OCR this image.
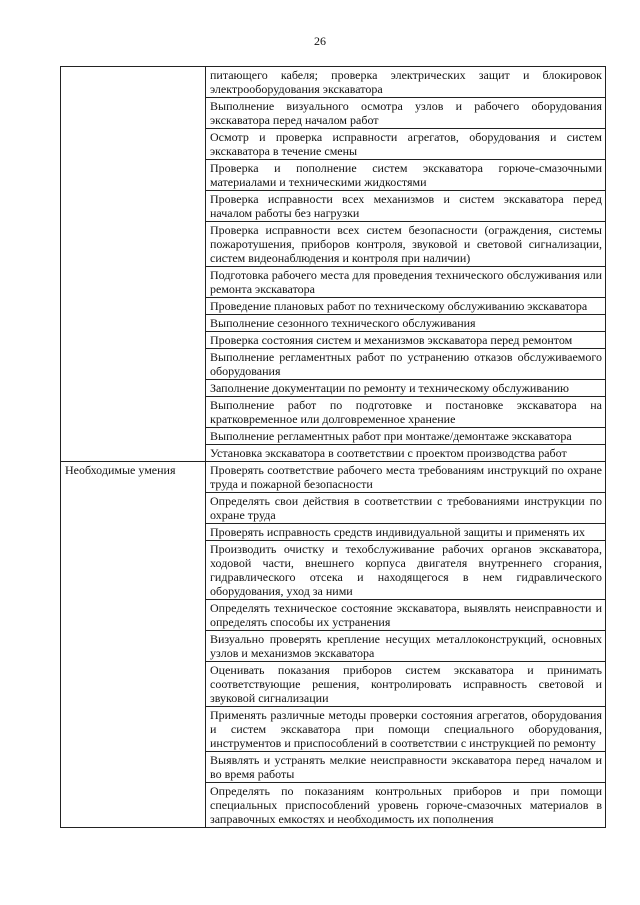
26
	питающего кабеля; проверка электрических защит и блокировок электрооборудования экскаватора
	Выполнение визуального осмотра узлов и рабочего оборудования экскаватора перед началом работ
	Осмотр и проверка исправности агрегатов, оборудования и систем экскаватора в течение смены
	Проверка и пополнение систем экскаватора горюче-смазочными материалами и техническими жидкостями
	Проверка исправности всех механизмов и систем экскаватора перед началом работы без нагрузки
	Проверка исправности всех систем безопасности (ограждения, системы пожаротушения, приборов контроля, звуковой и световой сигнализации, систем видеонаблюдения и контроля при наличии)
	Подготовка рабочего места для проведения технического обслуживания или ремонта экскаватора
	Проведение плановых работ по техническому обслуживанию экскаватора
	Выполнение сезонного технического обслуживания
	Проверка состояния систем и механизмов экскаватора перед ремонтом
	Выполнение регламентных работ по устранению отказов обслуживаемого оборудования
	Заполнение документации по ремонту и техническому обслуживанию
	Выполнение работ по подготовке и постановке экскаватора на кратковременное или долговременное хранение
	Выполнение регламентных работ при монтаже/демонтаже экскаватора
	Установка экскаватора в соответствии с проектом производства работ
Необходимые умения	Проверять соответствие рабочего места требованиям инструкций по охране труда и пожарной безопасности
	Определять свои действия в соответствии с требованиями инструкции по охране труда
	Проверять исправность средств индивидуальной защиты и применять их
	Производить очистку и техобслуживание рабочих органов экскаватора, ходовой части, внешнего корпуса двигателя внутреннего сгорания, гидравлического отсека и находящегося в нем гидравлического оборудования, уход за ними
	Определять техническое состояние экскаватора, выявлять неисправности и определять способы их устранения
	Визуально проверять крепление несущих металлоконструкций, основных узлов и механизмов экскаватора
	Оценивать показания приборов систем экскаватора и принимать соответствующие решения, контролировать исправность световой и звуковой сигнализации
	Применять различные методы проверки состояния агрегатов, оборудования и систем экскаватора при помощи специального оборудования, инструментов и приспособлений в соответствии с инструкцией по ремонту
	Выявлять и устранять мелкие неисправности экскаватора перед началом и во время работы
	Определять по показаниям контрольных приборов и при помощи специальных приспособлений уровень горюче-смазочных материалов в заправочных емкостях и необходимость их пополнения
